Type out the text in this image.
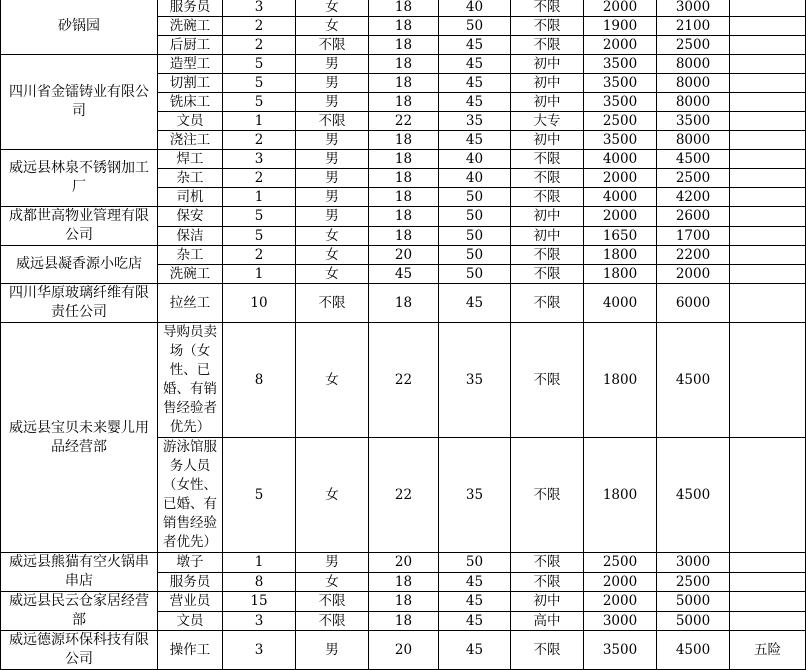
砂锅园	服务员	3	女	18	40	不限	2000	3000	
	洗碗工	2	女	18	50	不限	1900	2100	
	后厨工	2	不限	18	45	不限	2000	2500	
四川省金镭铸业有限公司	造型工	5	男	18	45	初中	3500	8000	
	切割工	5	男	18	45	初中	3500	8000	
	铣床工	5	男	18	45	初中	3500	8000	
	文员	1	不限	22	35	大专	2500	3500	
	浇注工	2	男	18	45	初中	3500	8000	
威远县林泉不锈钢加工厂	焊工	3	男	18	40	不限	4000	4500	
	杂工	2	男	18	40	不限	2000	2500	
	司机	1	男	18	50	不限	4000	4200	
成都世高物业管理有限公司	保安	5	男	18	50	初中	2000	2600	
	保洁	5	女	18	50	初中	1650	1700	
威远县凝香源小吃店	杂工	2	女	20	50	不限	1800	2200	
	洗碗工	1	女	45	50	不限	1800	2000	
四川华原玻璃纤维有限责任公司	拉丝工	10	不限	18	45	不限	4000	6000	
威远县宝贝未来婴儿用品经营部	导购员卖场（女性、已婚、有销售经验者优先）	8	女	22	35	不限	1800	4500	
	游泳馆服务人员（女性、已婚、有销售经验者优先）	5	女	22	35	不限	1800	4500	
威远县熊猫有空火锅串串店	墩子	1	男	20	50	不限	2500	3000	
	服务员	8	女	18	45	不限	2000	2500	
威远县民云仓家居经营部	营业员	15	不限	18	45	初中	2000	5000	
	文员	3	不限	18	45	高中	3000	5000	
威远德源环保科技有限公司	操作工	3	男	20	45	不限	3500	4500	五险
